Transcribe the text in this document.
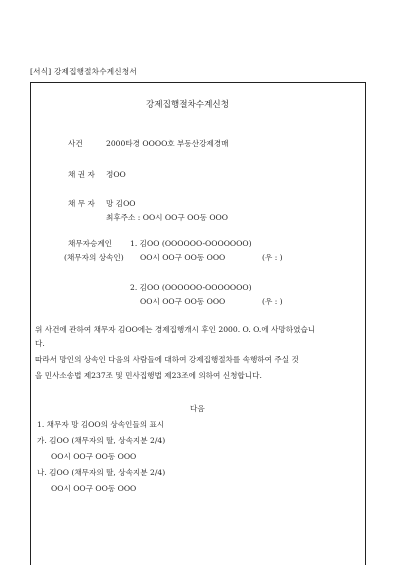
[서식] 강제집행절차수계신청서
강제집행절차수계신청
사건	2000타경 OOOO호 부동산강제경매
채 권 자 정OO
채 무 자 망 김OO
최후주소 : OO시 OO구 OO동 OOO
채무자승계인 1. 김OO (OOOOOO-OOOOOOO)
(채무자의 상속인) OO시 OO구 OO동 OOO	(우 : )
2. 김OO (OOOOOO-OOOOOOO)
OO시 OO구 OO동 OOO	(우 : )
위 사건에 관하여 채무자 김OO에는 경제집행개시 후인 2000. O. O.에 사망하였습니
다.
따라서 망인의 상속인 다음의 사람들에 대하여 강제집행절차를 속행하여 주실 것
을 민사소송법 제237조 및 민사집행법 제23조에 의하여 신청합니다.
다음
1. 채무자 망 김OO의 상속인들의 표시
가. 김OO (채무자의 딸, 상속지분 2/4)
OO시 OO구 OO동 OOO
나. 김OO (채무자의 딸, 상속지분 2/4)
OO시 OO구 OO동 OOO
